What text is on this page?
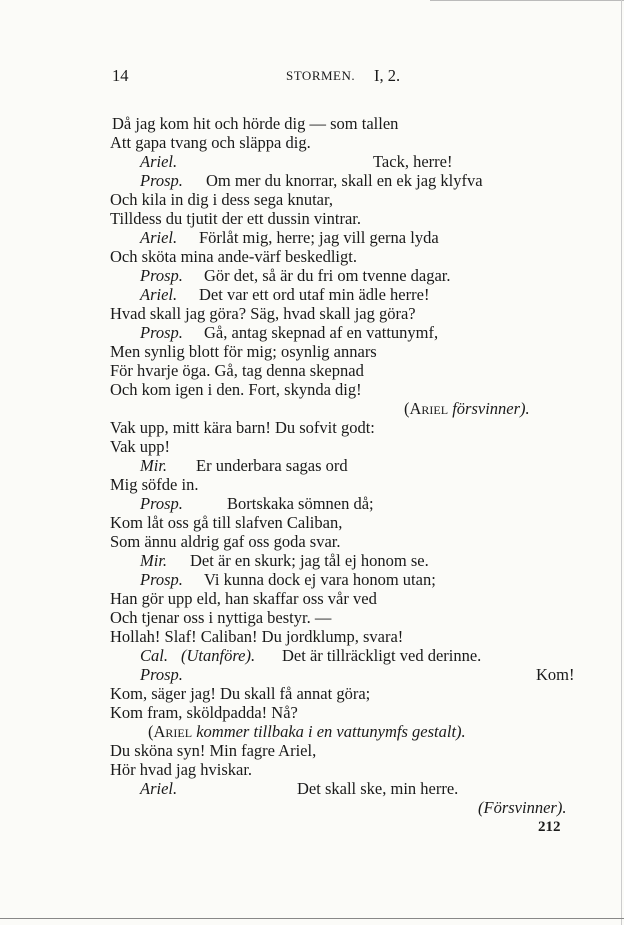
14	STORMEN. I, 2.
Då jag kom hit och hörde dig — som tallen
Att gapa tvang och släppa dig.
Ariel.	Tack, herre!
Prosp. Om mer du knorrar, skall en ek jag klyfva
Och kila in dig i dess sega knutar,
Tilldess du tjutit der ett dussin vintrar.
Ariel. Förlåt mig, herre; jag vill gerna lyda
Och sköta mina ande-värf beskedligt.
Prosp. Gör det, så är du fri om tvenne dagar.
Ariel. Det var ett ord utaf min ädle herre!
Hvad skall jag göra? Säg, hvad skall jag göra?
Prosp. Gå, antag skepnad af en vattunymf,
Men synlig blott för mig; osynlig annars
För hvarje öga. Gå, tag denna skepnad
Och kom igen i den. Fort, skynda dig!
(Ariel försvinner).
Vak upp, mitt kära barn! Du sofvit godt:
Vak upp!
Mir. Er underbara sagas ord
Mig söfde in.
Prosp.	Bortskaka sömnen då;
Kom låt oss gå till slafven Caliban,
Som ännu aldrig gaf oss goda svar.
Mir. Det är en skurk; jag tål ej honom se.
Prosp. Vi kunna dock ej vara honom utan;
Han gör upp eld, han skaffar oss vår ved
Och tjenar oss i nyttiga bestyr. —
Hollah! Slaf! Caliban! Du jordklump, svara!
Cal. (Utanföre). Det är tillräckligt ved derinne.
Prosp.	Kom!
Kom, säger jag! Du skall få annat göra;
Kom fram, sköldpadda! Nå?
(Ariel kommer tillbaka i en vattunymfs gestalt).
Du sköna syn! Min fagre Ariel,
Hör hvad jag hviskar.
Ariel.	Det skall ske, min herre.
(Försvinner).
212
